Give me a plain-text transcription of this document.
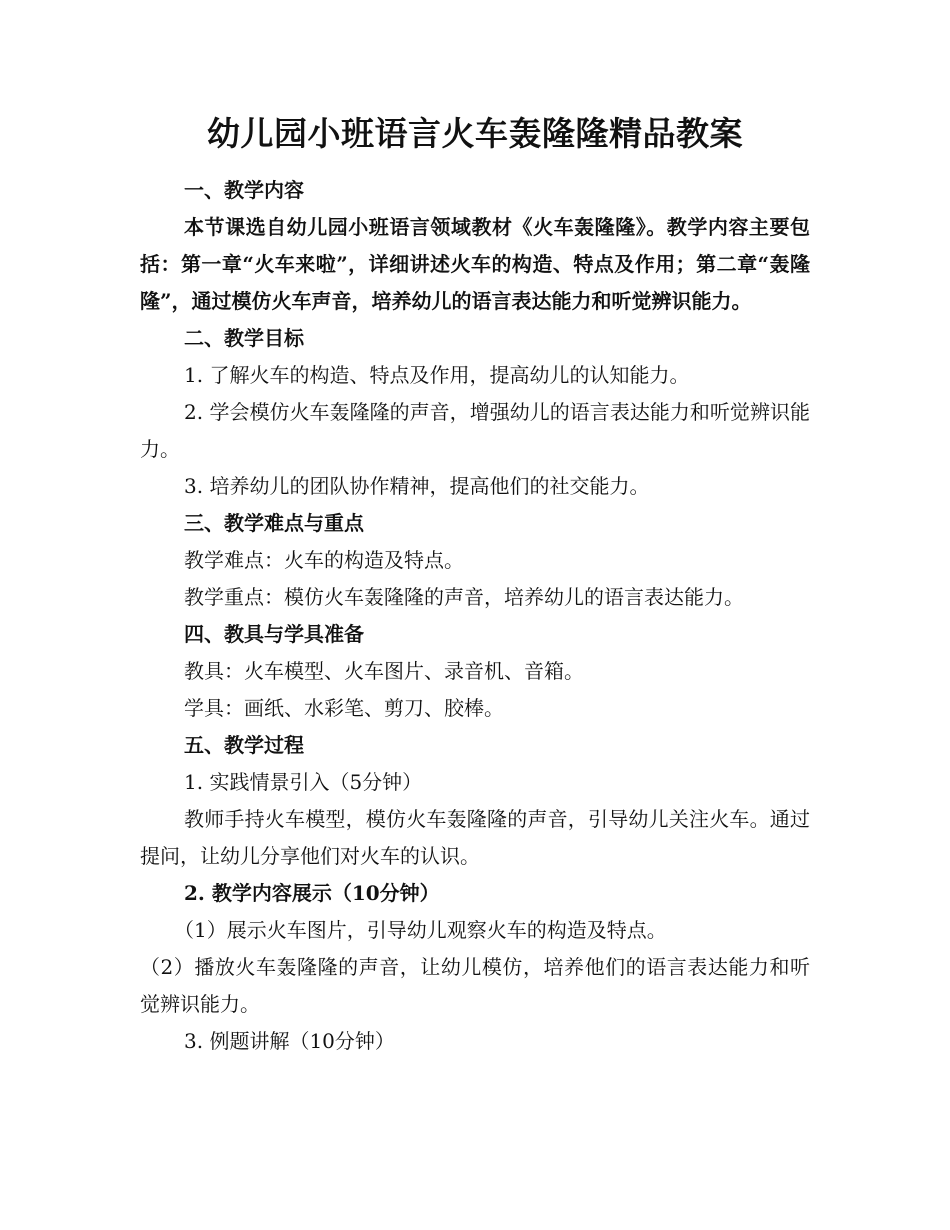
幼儿园小班语言火车轰隆隆精品教案

一、教学内容

本节课选自幼儿园小班语言领域教材《火车轰隆隆》。教学内容主要包括：第一章“火车来啦”，详细讲述火车的构造、特点及作用；第二章“轰隆隆”，通过模仿火车声音，培养幼儿的语言表达能力和听觉辨识能力。

二、教学目标

1. 了解火车的构造、特点及作用，提高幼儿的认知能力。

2. 学会模仿火车轰隆隆的声音，增强幼儿的语言表达能力和听觉辨识能力。

3. 培养幼儿的团队协作精神，提高他们的社交能力。

三、教学难点与重点

教学难点：火车的构造及特点。

教学重点：模仿火车轰隆隆的声音，培养幼儿的语言表达能力。

四、教具与学具准备

教具：火车模型、火车图片、录音机、音箱。

学具：画纸、水彩笔、剪刀、胶棒。

五、教学过程

1. 实践情景引入（5分钟）

教师手持火车模型，模仿火车轰隆隆的声音，引导幼儿关注火车。通过提问，让幼儿分享他们对火车的认识。

2. 教学内容展示（10分钟）

（1）展示火车图片，引导幼儿观察火车的构造及特点。

（2）播放火车轰隆隆的声音，让幼儿模仿，培养他们的语言表达能力和听觉辨识能力。

3. 例题讲解（10分钟）
